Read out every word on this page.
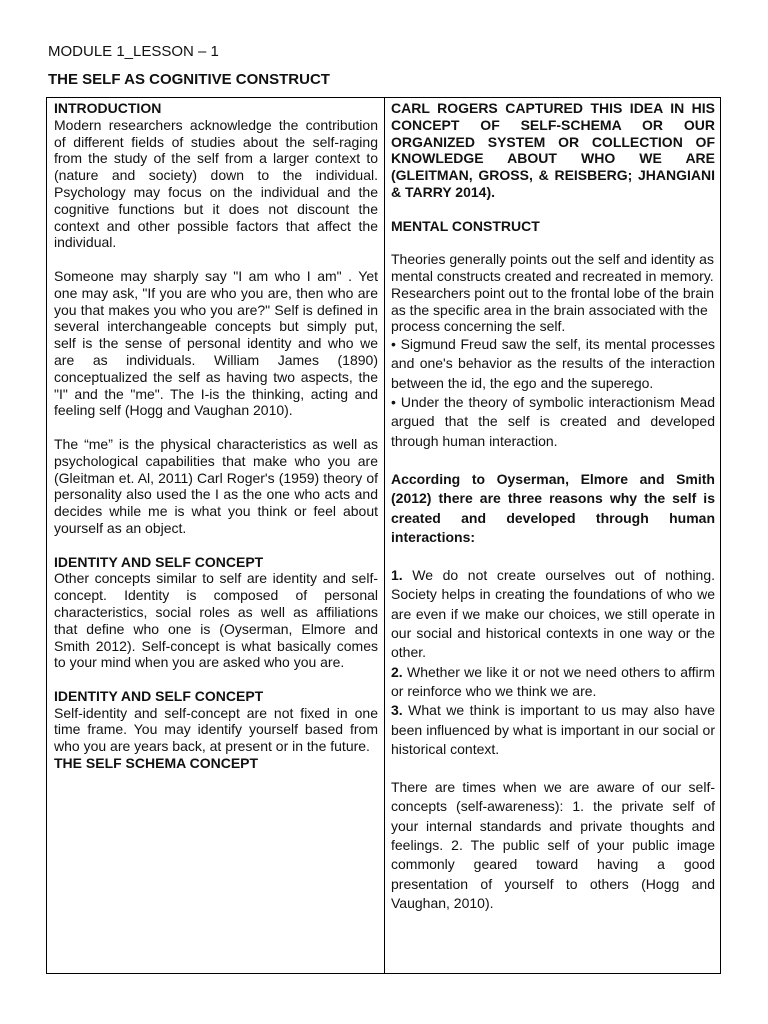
MODULE 1_LESSON – 1
THE SELF AS COGNITIVE CONSTRUCT

INTRODUCTION

Modern researchers acknowledge the contribution of different fields of studies about the self-raging from the study of the self from a larger context to (nature and society) down to the individual. Psychology may focus on the individual and the cognitive functions but it does not discount the context and other possible factors that affect the individual.

Someone may sharply say "I am who I am" . Yet one may ask, "If you are who you are, then who are you that makes you who you are?" Self is defined in several interchangeable concepts but simply put, self is the sense of personal identity and who we are as individuals. William James (1890) conceptualized the self as having two aspects, the "I" and the "me". The I-is the thinking, acting and feeling self (Hogg and Vaughan 2010).

The “me” is the physical characteristics as well as psychological capabilities that make who you are (Gleitman et. Al, 2011) Carl Roger's (1959) theory of personality also used the I as the one who acts and decides while me is what you think or feel about yourself as an object.

IDENTITY AND SELF CONCEPT

Other concepts similar to self are identity and self-concept. Identity is composed of personal characteristics, social roles as well as affiliations that define who one is (Oyserman, Elmore and Smith 2012). Self-concept is what basically comes to your mind when you are asked who you are.

IDENTITY AND SELF CONCEPT

Self-identity and self-concept are not fixed in one time frame. You may identify yourself based from who you are years back, at present or in the future.

THE SELF SCHEMA CONCEPT

CARL ROGERS CAPTURED THIS IDEA IN HIS CONCEPT OF SELF-SCHEMA OR OUR ORGANIZED SYSTEM OR COLLECTION OF KNOWLEDGE ABOUT WHO WE ARE (GLEITMAN, GROSS, & REISBERG; JHANGIANI & TARRY 2014).

MENTAL CONSTRUCT

Theories generally points out the self and identity as mental constructs created and recreated in memory. Researchers point out to the frontal lobe of the brain as the specific area in the brain associated with the process concerning the self.

• Sigmund Freud saw the self, its mental processes and one's behavior as the results of the interaction between the id, the ego and the superego.

• Under the theory of symbolic interactionism Mead argued that the self is created and developed through human interaction.

According to Oyserman, Elmore and Smith (2012) there are three reasons why the self is created and developed through human interactions:

1. We do not create ourselves out of nothing. Society helps in creating the foundations of who we are even if we make our choices, we still operate in our social and historical contexts in one way or the other.

2. Whether we like it or not we need others to affirm or reinforce who we think we are.

3. What we think is important to us may also have been influenced by what is important in our social or historical context.

There are times when we are aware of our self-concepts (self-awareness): 1. the private self of your internal standards and private thoughts and feelings. 2. The public self of your public image commonly geared toward having a good presentation of yourself to others (Hogg and Vaughan, 2010).
